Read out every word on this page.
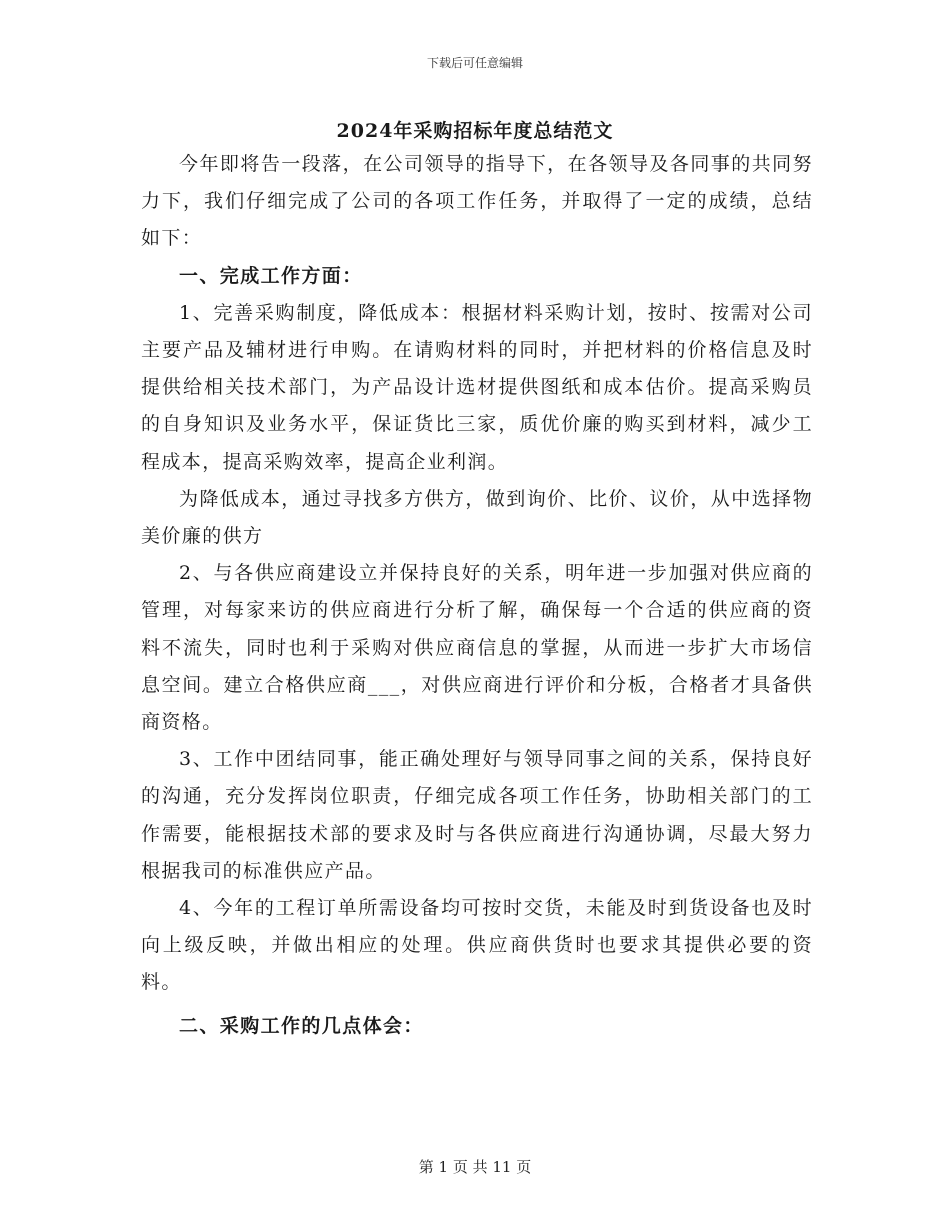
下载后可任意编辑
2024年采购招标年度总结范文

今年即将告一段落，在公司领导的指导下，在各领导及各同事的共同努力下，我们仔细完成了公司的各项工作任务，并取得了一定的成绩，总结如下：

一、完成工作方面：

1、完善采购制度，降低成本：根据材料采购计划，按时、按需对公司主要产品及辅材进行申购。在请购材料的同时，并把材料的价格信息及时提供给相关技术部门，为产品设计选材提供图纸和成本估价。提高采购员的自身知识及业务水平，保证货比三家，质优价廉的购买到材料，减少工程成本，提高采购效率，提高企业利润。

为降低成本，通过寻找多方供方，做到询价、比价、议价，从中选择物美价廉的供方

2、与各供应商建设立并保持良好的关系，明年进一步加强对供应商的管理，对每家来访的供应商进行分析了解，确保每一个合适的供应商的资料不流失，同时也利于采购对供应商信息的掌握，从而进一步扩大市场信息空间。建立合格供应商___，对供应商进行评价和分板，合格者才具备供商资格。

3、工作中团结同事，能正确处理好与领导同事之间的关系，保持良好的沟通，充分发挥岗位职责，仔细完成各项工作任务，协助相关部门的工作需要，能根据技术部的要求及时与各供应商进行沟通协调，尽最大努力根据我司的标准供应产品。

4、今年的工程订单所需设备均可按时交货，未能及时到货设备也及时向上级反映，并做出相应的处理。供应商供货时也要求其提供必要的资料。

二、采购工作的几点体会：
第 1 页 共 11 页
